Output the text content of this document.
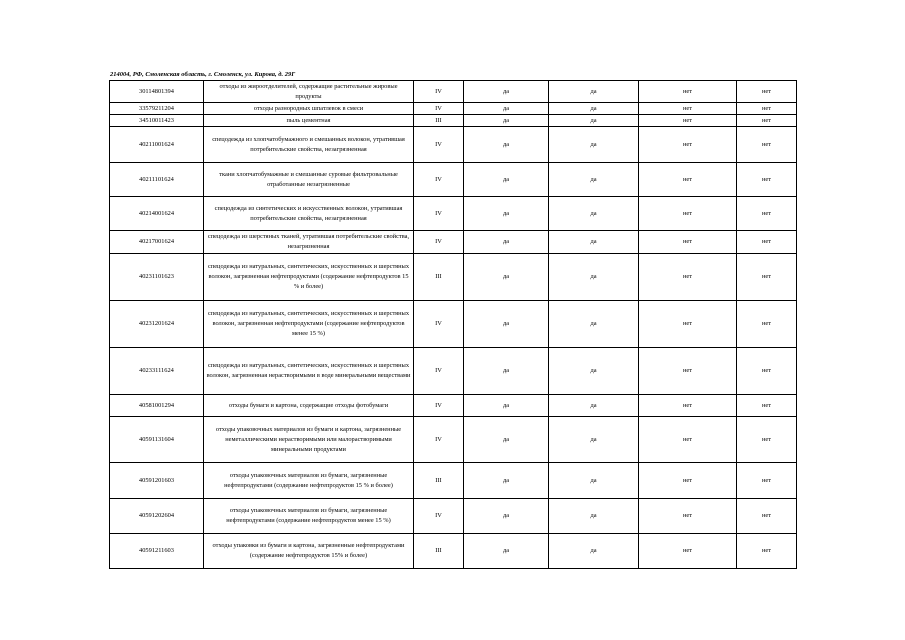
214004, РФ, Смоленская область, г. Смоленск, ул. Кирова, д. 29Г
30114801394	отходы из жироотделителей, содержащие растительные жировые продукты	IV	да	да	нет	нет
33579211204	отходы разнородных шпатлевок в смеси	IV	да	да	нет	нет
34510011423	пыль цементная	III	да	да	нет	нет
40211001624	спецодежда из хлопчатобумажного и смешанных волокон, утратившая потребительские свойства, незагрязненная	IV	да	да	нет	нет
40211101624	ткани хлопчатобумажные и смешанные суровые фильтровальные отработанные незагрязненные	IV	да	да	нет	нет
40214001624	спецодежда из синтетических и искусственных волокон, утратившая потребительские свойства, незагрязненная	IV	да	да	нет	нет
40217001624	спецодежда из шерстяных тканей, утратившая потребительские свойства, незагрязненная	IV	да	да	нет	нет
40231101623	спецодежда из натуральных, синтетических, искусственных и шерстяных волокон, загрязненная нефтепродуктами (содержание нефтепродуктов 15 % и более)	III	да	да	нет	нет
40231201624	спецодежда из натуральных, синтетических, искусственных и шерстяных волокон, загрязненная нефтепродуктами (содержание нефтепродуктов менее 15 %)	IV	да	да	нет	нет
40233111624	спецодежда из натуральных, синтетических, искусственных и шерстяных волокон, загрязненная нерастворимыми в воде минеральными веществами	IV	да	да	нет	нет
40581001294	отходы бумаги и картона, содержащие отходы фотобумаги	IV	да	да	нет	нет
40591131604	отходы упаковочных материалов из бумаги и картона, загрязненные неметаллическими нерастворимыми или малорастворимыми минеральными продуктами	IV	да	да	нет	нет
40591201603	отходы упаковочных материалов из бумаги, загрязненные нефтепродуктами (содержание нефтепродуктов 15 % и более)	III	да	да	нет	нет
40591202604	отходы упаковочных материалов из бумаги, загрязненные нефтепродуктами (содержание нефтепродуктов менее 15 %)	IV	да	да	нет	нет
40591211603	отходы упаковки из бумаги и картона, загрязненные нефтепродуктами (содержание нефтепродуктов 15% и более)	III	да	да	нет	нет
